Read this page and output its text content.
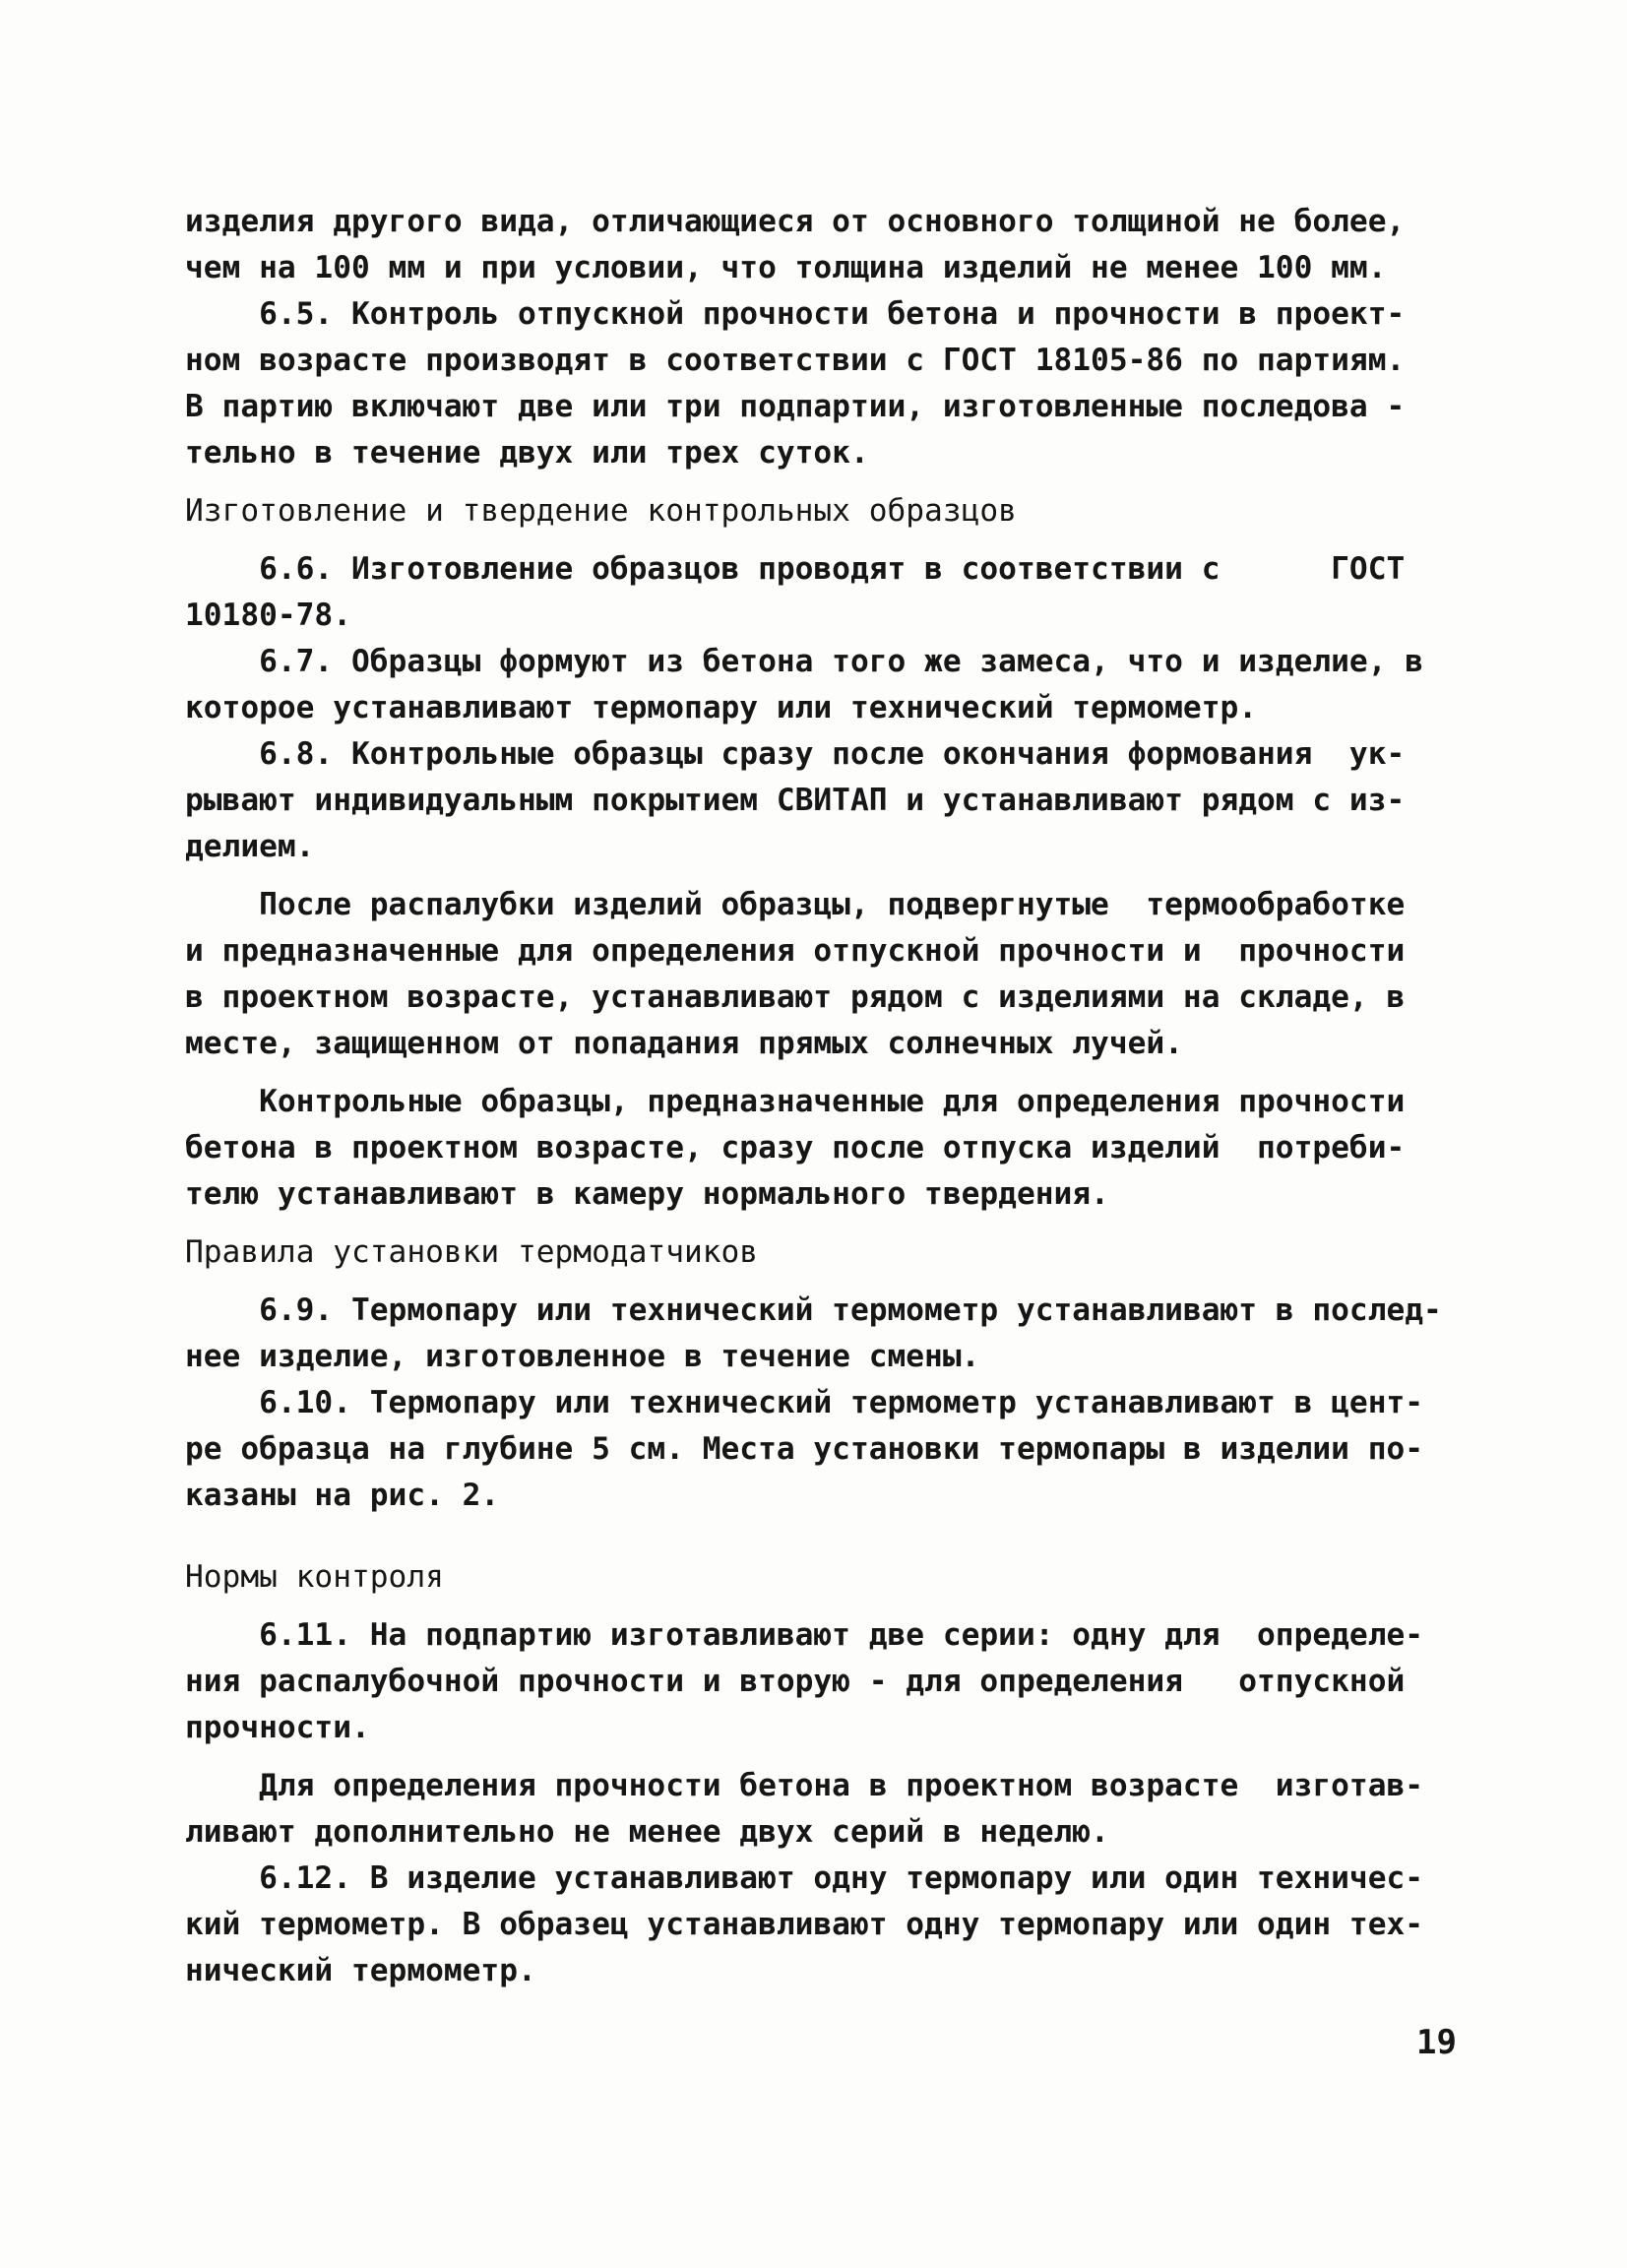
изделия другого вида, отличающиеся от основного толщиной не более,
чем на 100 мм и при условии, что толщина изделий не менее 100 мм.
6.5. Контроль отпускной прочности бетона и прочности в проект-
ном возрасте производят в соответствии с ГОСТ 18105-86 по партиям.
В партию включают две или три подпартии, изготовленные последова -
тельно в течение двух или трех суток.
Изготовление и твердение контрольных образцов
6.6. Изготовление образцов проводят в соответствии с      ГОСТ
10180-78.
6.7. Образцы формуют из бетона того же замеса, что и изделие, в
которое устанавливают термопару или технический термометр.
6.8. Контрольные образцы сразу после окончания формования  ук-
рывают индивидуальным покрытием СВИТАП и устанавливают рядом с из-
делием.
После распалубки изделий образцы, подвергнутые  термообработке
и предназначенные для определения отпускной прочности и  прочности
в проектном возрасте, устанавливают рядом с изделиями на складе, в
месте, защищенном от попадания прямых солнечных лучей.
Контрольные образцы, предназначенные для определения прочности
бетона в проектном возрасте, сразу после отпуска изделий  потреби-
телю устанавливают в камеру нормального твердения.
Правила установки термодатчиков
6.9. Термопару или технический термометр устанавливают в послед-
нее изделие, изготовленное в течение смены.
6.10. Термопару или технический термометр устанавливают в цент-
ре образца на глубине 5 см. Места установки термопары в изделии по-
казаны на рис. 2.
Нормы контроля
6.11. На подпартию изготавливают две серии: одну для  определе-
ния распалубочной прочности и вторую - для определения   отпускной
прочности.
Для определения прочности бетона в проектном возрасте  изготав-
ливают дополнительно не менее двух серий в неделю.
6.12. В изделие устанавливают одну термопару или один техничес-
кий термометр. В образец устанавливают одну термопару или один тех-
нический термометр.
19
